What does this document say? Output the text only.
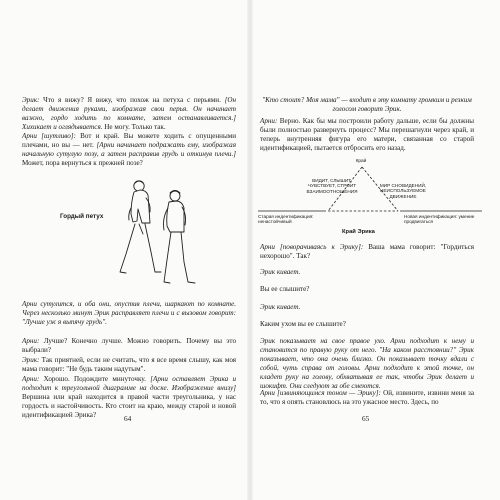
Эрик: Что я вижу? Я вижу, что похож на петуха с перьями. [Он делает движения руками, изображая свои перья. Он начинает важно, гордо ходить по комнате, затем останавливается.] Хихикает и оглядывается. Не могу. Только так.

Арни [шутливо]: Вот и край. Вы можете ходить с опущенными плечами, но вы — нет. [Арни начинает подражать ему, изображая начальную сутулую позу, а затем расправив грудь и откинув плечи.] Может, пора вернуться к прежней позе?

Гордый петух

Арни сутулится, и оба они, опустив плечи, шаркают по комнате. Через несколько минут Эрик расправляет плечи и с вызовом говорит: "Лучше уж я выпячу грудь".

Арни: Лучше? Конечно лучше. Можно говорить. Почему вы это выбрали?

Эрик: Так приятней, если не считать, что я все время слышу, как моя мама говорит: "Не будь таким надутым".

Арни: Хорошо. Подождите минуточку. [Арни оставляет Эрика и подходит к треугольной диаграмме на доске. Изображение внизу] Вершина или край находится в правой части треугольника, у нас гордость и настойчивость. Кто стоит на краю, между старой и новой идентификацией Эрика?	64

"Кто стоит? Моя мама" — входит в эту комнату громким и резким голосом говорит Эрик.

Арни: Верно. Как бы мы построили работу дальше, если бы должны были полностью развернуть процесс? Мы перешагнули через край, и теперь внутренняя фигура его матери, связанная со старой идентификацией, пытается отбросить его назад.

Край
ВИДИТ, СЛЫШИТ, ЧУВСТВУЕТ, СТРОИТ ВЗАИМООТНОШЕНИЯ
МИР СНОВИДЕНИЙ, НЕИСПОЛЬЗУЕМОЕ ДВИЖЕНИЕ
Старая индентификация: ненастойчивый
Новая индентификация: умение продвигаться
Край Эрика

Арни [поворачиваясь к Эрику]: Ваша мама говорит: "Гордиться нехорошо". Так?

Эрик кивает.

Вы ее слышите?

Эрик кивает.

Каким ухом вы ее слышите?

Эрик показывает на свое правое ухо. Арни подходит к нему и становится по правую руку от него. "На каком расстоянии?" Эрик показывает, что она очень близко. Он показывает точку вдали с собой, чуть справа от головы. Арни подходит к этой точке, он кладет руку на голову, обхватывая ее так, чтобы Эрик делает и шокифт. Они следуют за обе смеются.

Арни [извиняющимся тоном — Эрику]: Ой, извините, извини меня за то, что я опять становлюсь на это ужасное место. Здесь, по

65
